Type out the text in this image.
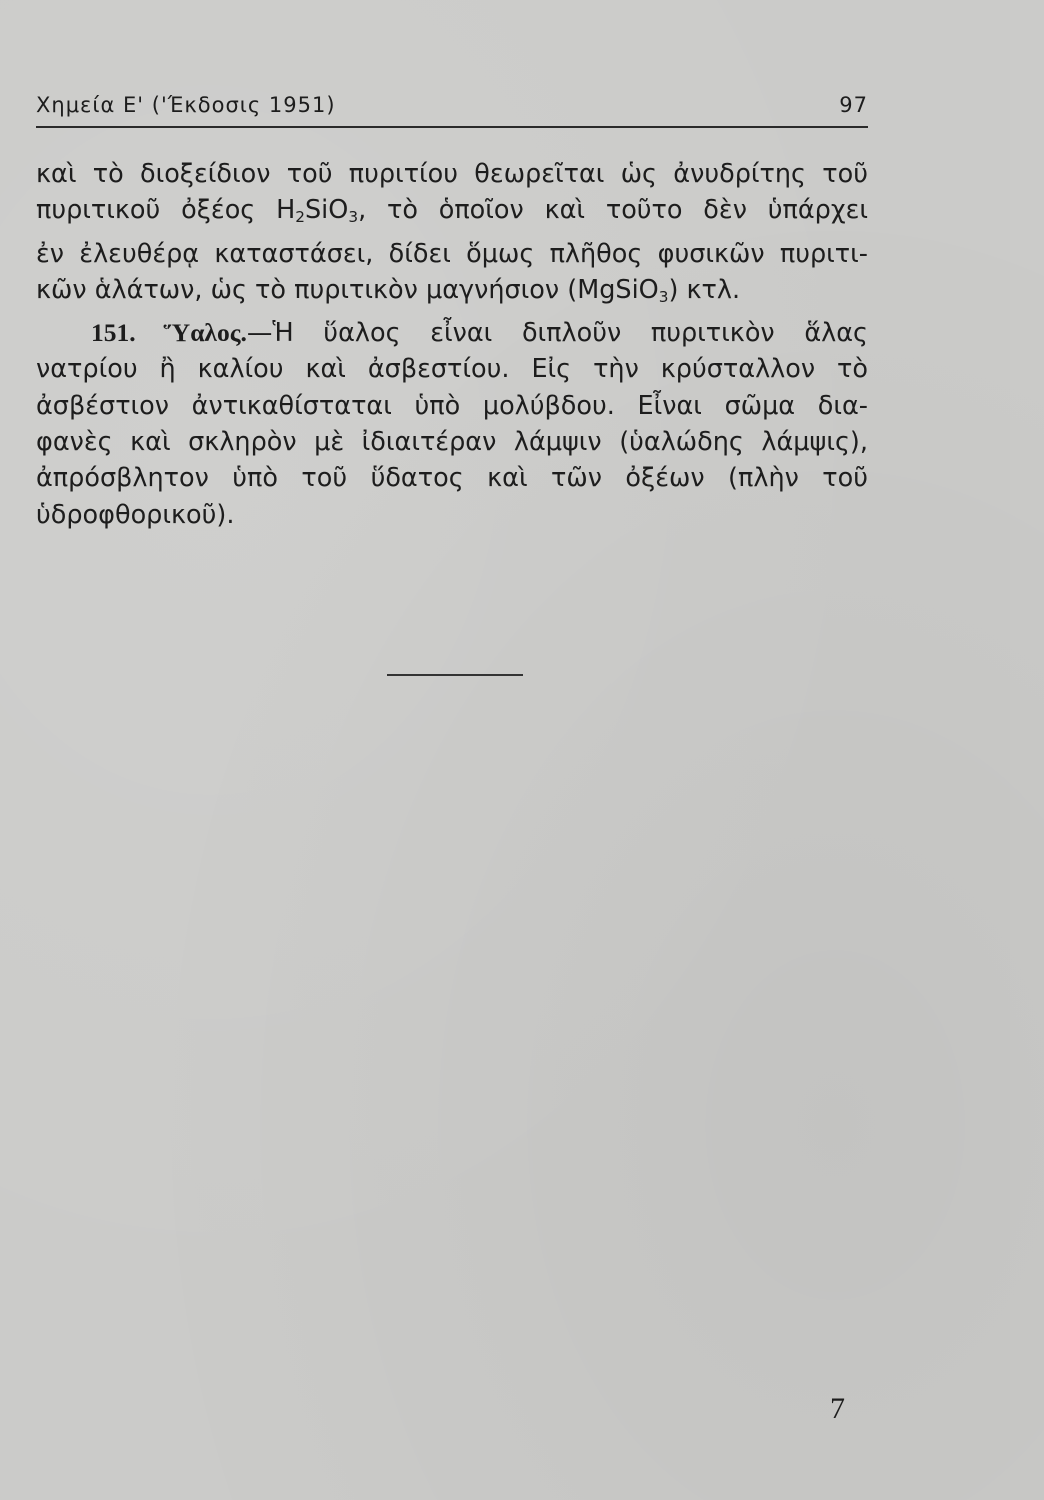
Χημεία Ε' ('Έκδοσις 1951)	97
καὶ τὸ διοξείδιον τοῦ πυριτίου θεωρεῖται ὡς ἀνυδρίτης τοῦ
πυριτικοῦ ὀξέος $H_2SiO_3$, τὸ ὁποῖον καὶ τοῦτο δὲν ὑπάρχει
ἐν ἐλευθέρᾳ καταστάσει, δίδει ὅμως πλῆθος φυσικῶν πυριτι-
κῶν ἁλάτων, ὡς τὸ πυριτικὸν μαγνήσιον (MgSiO$_3$) κτλ.
151. Ὕαλος.—Ἡ ὕαλος εἶναι διπλοῦν πυριτικὸν ἅλας
νατρίου ἢ καλίου καὶ ἀσβεστίου. Εἰς τὴν κρύσταλλον τὸ
ἀσβέστιον ἀντικαθίσταται ὑπὸ μολύβδου. Εἶναι σῶμα δια-
φανὲς καὶ σκληρὸν μὲ ἰδιαιτέραν λάμψιν (ὑαλώδης λάμψις),
ἀπρόσβλητον ὑπὸ τοῦ ὕδατος καὶ τῶν ὀξέων (πλὴν τοῦ
ὑδροφθορικοῦ).
7
